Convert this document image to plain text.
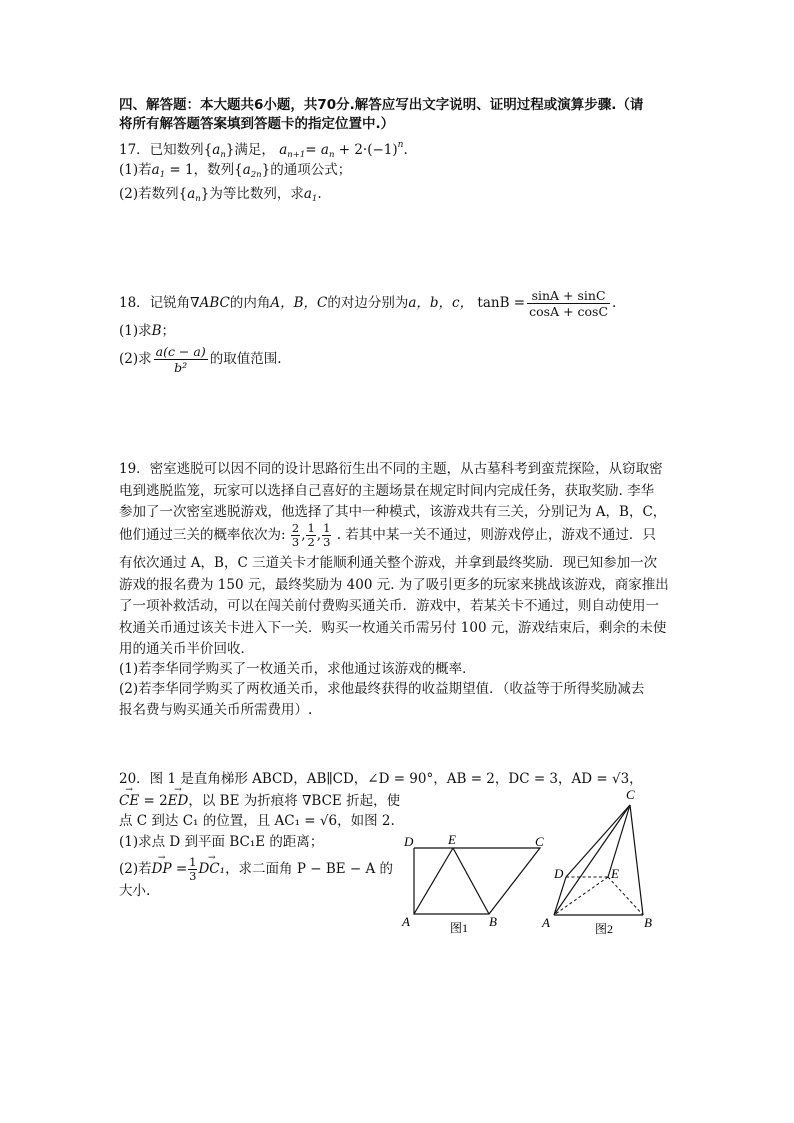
四、解答题：本大题共6小题，共70分.解答应写出文字说明、证明过程或演算步骤.（请
将所有解答题答案填到答题卡的指定位置中.）
17．已知数列$\{a_n\}$满足， $a_{n+1}= a_n + 2\cdot(-1)^n$.
(1)若$a_1 = 1$，数列$\{a_{2n}\}$的通项公式；
(2)若数列$\{a_n\}$为等比数列，求$a_1$.
18．记锐角∇ABC的内角A，B，C的对边分别为a，b，c， $\tan B = \frac{\sin A + \sin C}{\cos A + \cos C}$ .
(1)求B；
(2)求 $\frac{a(c - a)}{\text{b²}}$ 的取值范围.
19．密室逃脱可以因不同的设计思路衍生出不同的主题，从古墓科考到蛮荒探险，从窃取密
电到逃脱监笼，玩家可以选择自己喜好的主题场景在规定时间内完成任务，获取奖励. 李华
参加了一次密室逃脱游戏，他选择了其中一种模式，该游戏共有三关，分别记为 A，B，C，
他们通过三关的概率依次为: $\frac{2}{3}$ , $\frac{1}{2}$ , $\frac{1}{3}$ . 若其中某一关不通过，则游戏停止，游戏不通过．只
有依次通过 A，B，C 三道关卡才能顺利通关整个游戏，并拿到最终奖励．现已知参加一次
游戏的报名费为 150 元，最终奖励为 400 元. 为了吸引更多的玩家来挑战该游戏，商家推出
了一项补救活动，可以在闯关前付费购买通关币．游戏中，若某关卡不通过，则自动使用一
枚通关币通过该关卡进入下一关．购买一枚通关币需另付 100 元，游戏结束后，剩余的未使
用的通关币半价回收．
(1)若李华同学购买了一枚通关币，求他通过该游戏的概率．
(2)若李华同学购买了两枚通关币，求他最终获得的收益期望值．（收益等于所得奖励减去
报名费与购买通关币所需费用）.
20．图 1 是直角梯形 ABCD，AB∥CD，∠D = 90°，AB = 2，DC = 3，AD = √3，
→ CE = 2→ ED，以 BE 为折痕将 ∇BCE 折起，使
点 C 到达 C₁ 的位置，且 AC₁ = √6，如图 2.
(1)求点 D 到平面 BC₁E 的距离；
(2)若→ DP = $\frac{1}{3}$
→ DC₁，求二面角 P − BE − A 的
大小.
D	E	C
A	B
图1
C
D	E
A	B
图2
